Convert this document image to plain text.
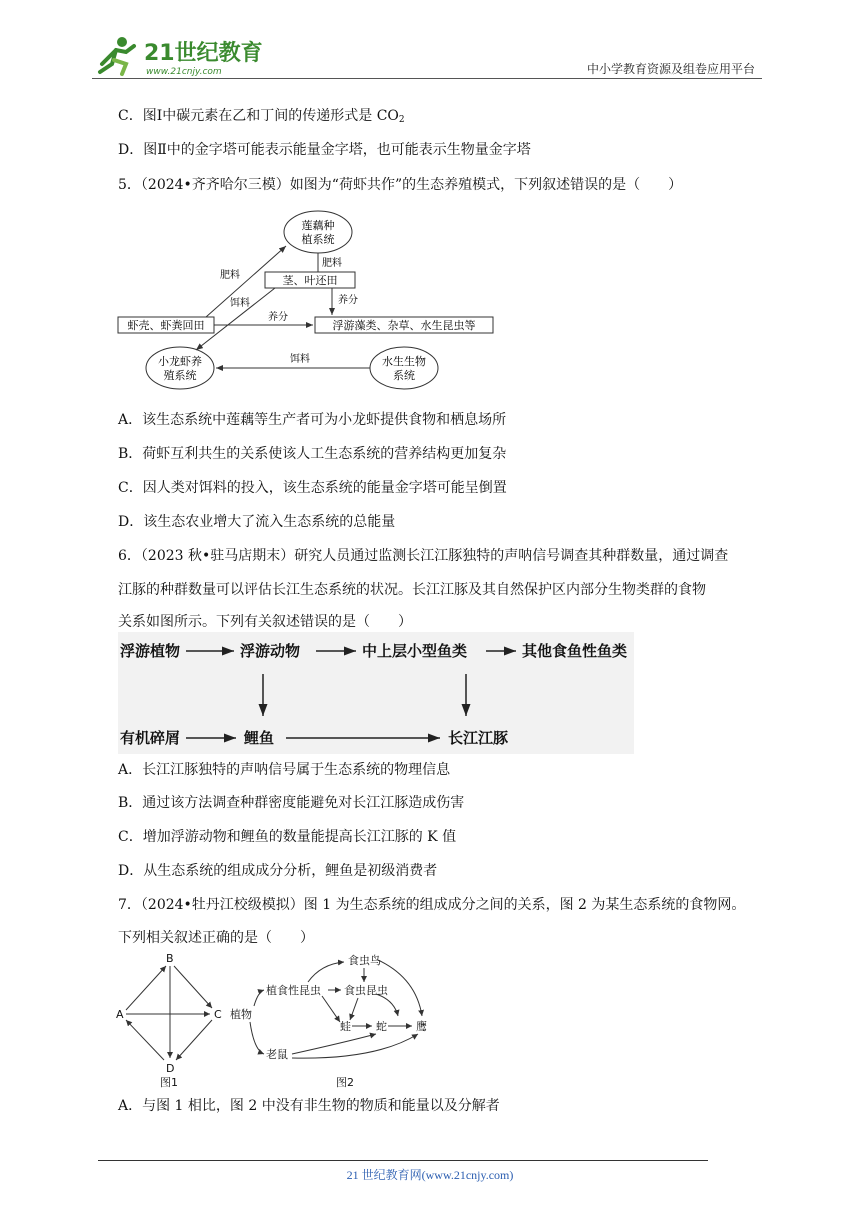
21世纪教育
www.21cnjy.com	中小学教育资源及组卷应用平台
C．图Ⅰ中碳元素在乙和丁间的传递形式是 $CO_2$
D．图Ⅱ中的金字塔可能表示能量金字塔，也可能表示生物量金字塔
5．（2024•齐齐哈尔三模）如图为“荷虾共作”的生态养殖模式，下列叙述错误的是（　　）
莲藕种
植系统
茎、叶还田
肥料
虾壳、虾粪回田	浮游藻类、杂草、水生昆虫等
小龙虾养
殖系统
水生生物
系统
肥料
养分
养分
饵料
饵料
A．该生态系统中莲藕等生产者可为小龙虾提供食物和栖息场所
B．荷虾互利共生的关系使该人工生态系统的营养结构更加复杂
C．因人类对饵料的投入，该生态系统的能量金字塔可能呈倒置
D．该生态农业增大了流入生态系统的总能量
6．（2023 秋•驻马店期末）研究人员通过监测长江江豚独特的声呐信号调查其种群数量，通过调查
江豚的种群数量可以评估长江生态系统的状况。长江江豚及其自然保护区内部分生物类群的食物
关系如图所示。下列有关叙述错误的是（　　）
浮游植物	浮游动物	中上层小型鱼类	其他食鱼性鱼类
有机碎屑	鲤鱼	长江江豚
A．长江江豚独特的声呐信号属于生态系统的物理信息
B．通过该方法调查种群密度能避免对长江江豚造成伤害
C．增加浮游动物和鲤鱼的数量能提高长江江豚的 K 值
D．从生态系统的组成成分分析，鲤鱼是初级消费者
7．（2024•牡丹江校级模拟）图 1 为生态系统的组成成分之间的关系，图 2 为某生态系统的食物网。
下列相关叙述正确的是（　　）
B
A	C
D
图1
植物
植食性昆虫
食虫鸟
食虫昆虫
蛙 蛇	鹰
老鼠
图2
A．与图 1 相比，图 2 中没有非生物的物质和能量以及分解者
21 世纪教育网(www.21cnjy.com)
